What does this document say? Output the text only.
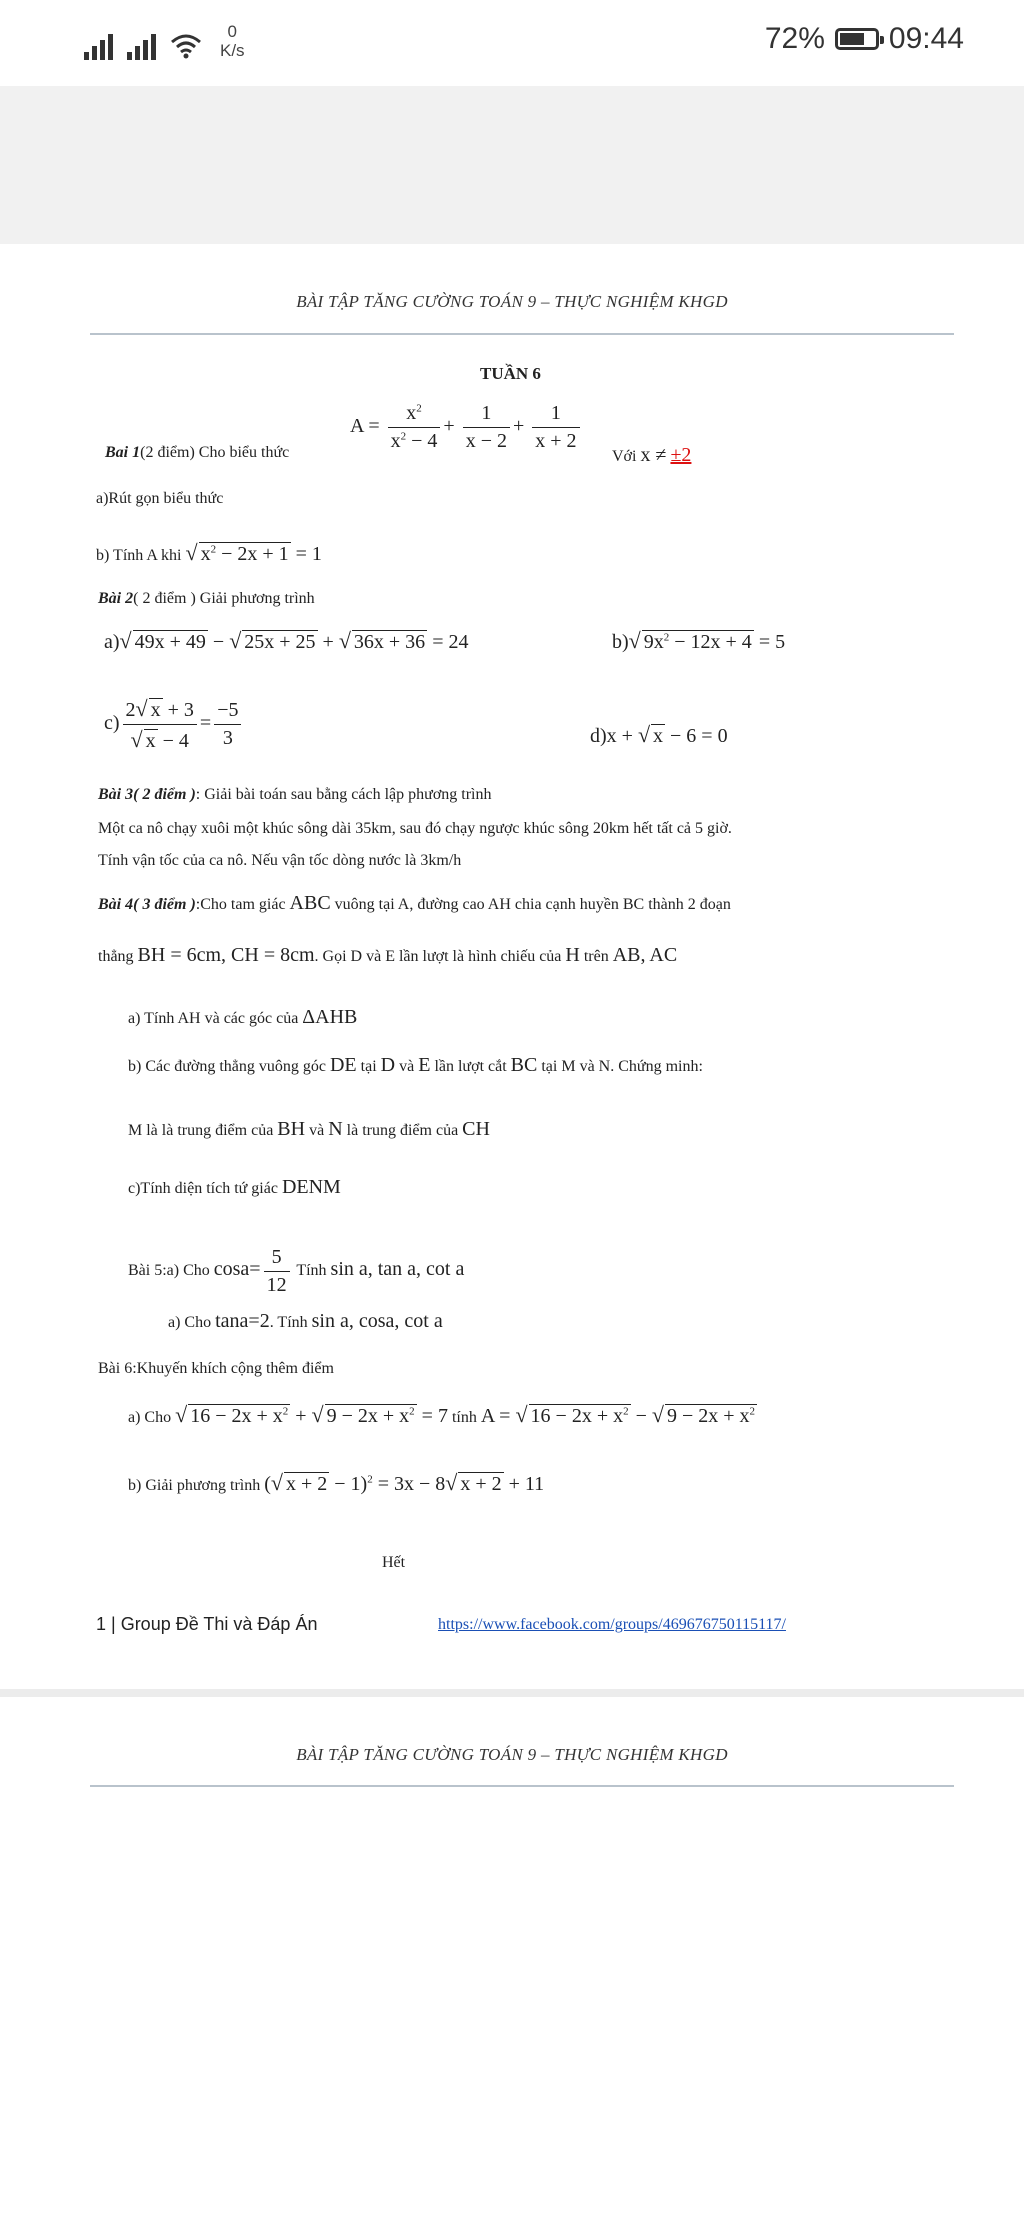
0
K/s	72% 09:44
BÀI TẬP TĂNG CƯỜNG TOÁN 9 – THỰC NGHIỆM KHGD
TUẦN 6
Bai 1(2 điểm) Cho biểu thức
$A = \frac{x^2}{x^2 - 4} + \frac{1}{x - 2} + \frac{1}{x + 2}$
Với x ≠ ±2
a)Rút gọn biểu thức
b) Tính A khi √ $x^2 - 2x + 1 = 1$
Bài 2( 2 điểm ) Giải phương trình
a)√ 49x + 49 − √ 25x + 25 + √ 36x + 36 = 24	b)√ $9x^2 - 12x + 4 = 5$
$c) \frac{2√ x + 3}{√ x - 4} = \frac{-5}{3}$	d)x + √ x − 6 = 0
Bài 3( 2 điểm ): Giải bài toán sau bằng cách lập phương trình
Một ca nô chạy xuôi một khúc sông dài 35km, sau đó chạy ngược khúc sông 20km hết tất cả 5 giờ.
Tính vận tốc của ca nô. Nếu vận tốc dòng nước là 3km/h
Bài 4( 3 điểm ):Cho tam giác ABC vuông tại A, đường cao AH chia cạnh huyền BC thành 2 đoạn
thẳng BH = 6cm, CH = 8cm. Gọi D và E lần lượt là hình chiếu của H trên AB, AC
a) Tính AH và các góc của ΔAHB
b) Các đường thẳng vuông góc DE tại D và E lần lượt cắt BC tại M và N. Chứng minh:
M là là trung điểm của BH và N là trung điểm của CH
c)Tính diện tích tứ giác DENM
Bài 5:a) Cho $\cos a= \frac{5}{12}$ Tính sin a, tan a, cot a
a) Cho tana=2. Tính sin a, cosa, cot a
Bài 6:Khuyến khích cộng thêm điểm
a) Cho √ $16 - 2x + x^2$ + √ $9 - 2x + x^2 = 7$ tính A = √ $16 - 2x + x^2$ − √ $9 - 2x + x^2$
b) Giải phương trình (√ x + 2 − 1)$^2$ = 3x − 8√ x + 2 + 11
Hết
1 | Group Đề Thi và Đáp Án	https://www.facebook.com/groups/469676750115117/
BÀI TẬP TĂNG CƯỜNG TOÁN 9 – THỰC NGHIỆM KHGD
